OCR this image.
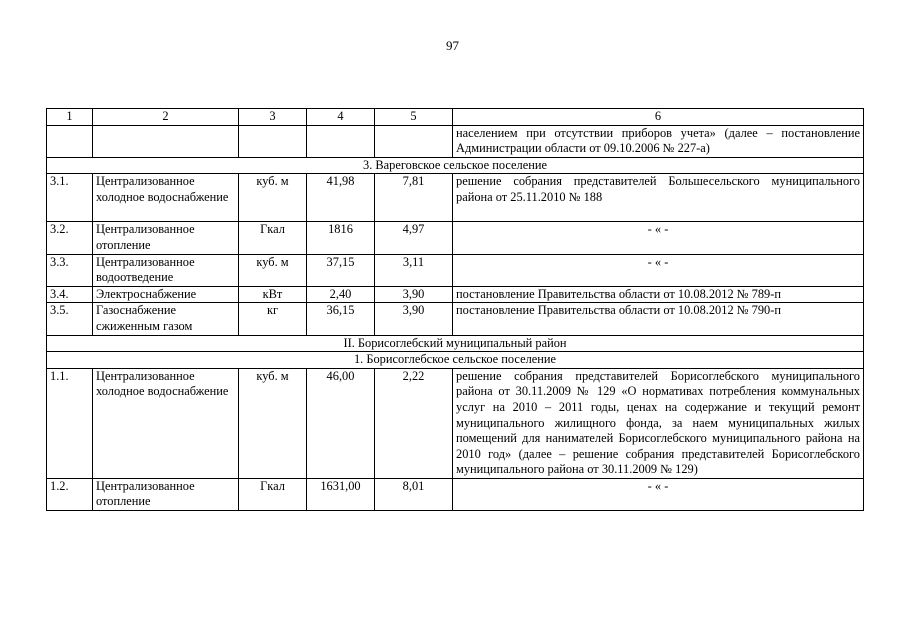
97
1	2	3	4	5	6
					населением при отсутствии приборов учета» (далее – постановление Администрации области от 09.10.2006 № 227-а)
3. Вареговское сельское поселение					
3.1.	Централизованное холодное водоснабжение	куб. м	41,98	7,81	решение собрания представителей Большесельского муниципального района от 25.11.2010 № 188
3.2.	Централизованное отопление	Гкал	1816	4,97	- « -
3.3.	Централизованное водоотведение	куб. м	37,15	3,11	- « -
3.4.	Электроснабжение	кВт	2,40	3,90	постановление Правительства области от 10.08.2012 № 789-п
3.5.	Газоснабжение сжиженным газом	кг	36,15	3,90	постановление Правительства области от 10.08.2012 № 790-п
II. Борисоглебский муниципальный район					
1. Борисоглебское сельское поселение					
1.1.	Централизованное холодное водоснабжение	куб. м	46,00	2,22	решение собрания представителей Борисоглебского муниципального района от 30.11.2009 № 129 «О нормативах потребления коммунальных услуг на 2010 – 2011 годы, ценах на содержание и текущий ремонт муниципального жилищного фонда, за наем муниципальных жилых помещений для нанимателей Борисоглебского муниципального района на 2010 год» (далее – решение собрания представителей Борисоглебского муниципального района от 30.11.2009 № 129)
1.2.	Централизованное отопление	Гкал	1631,00	8,01	- « -
